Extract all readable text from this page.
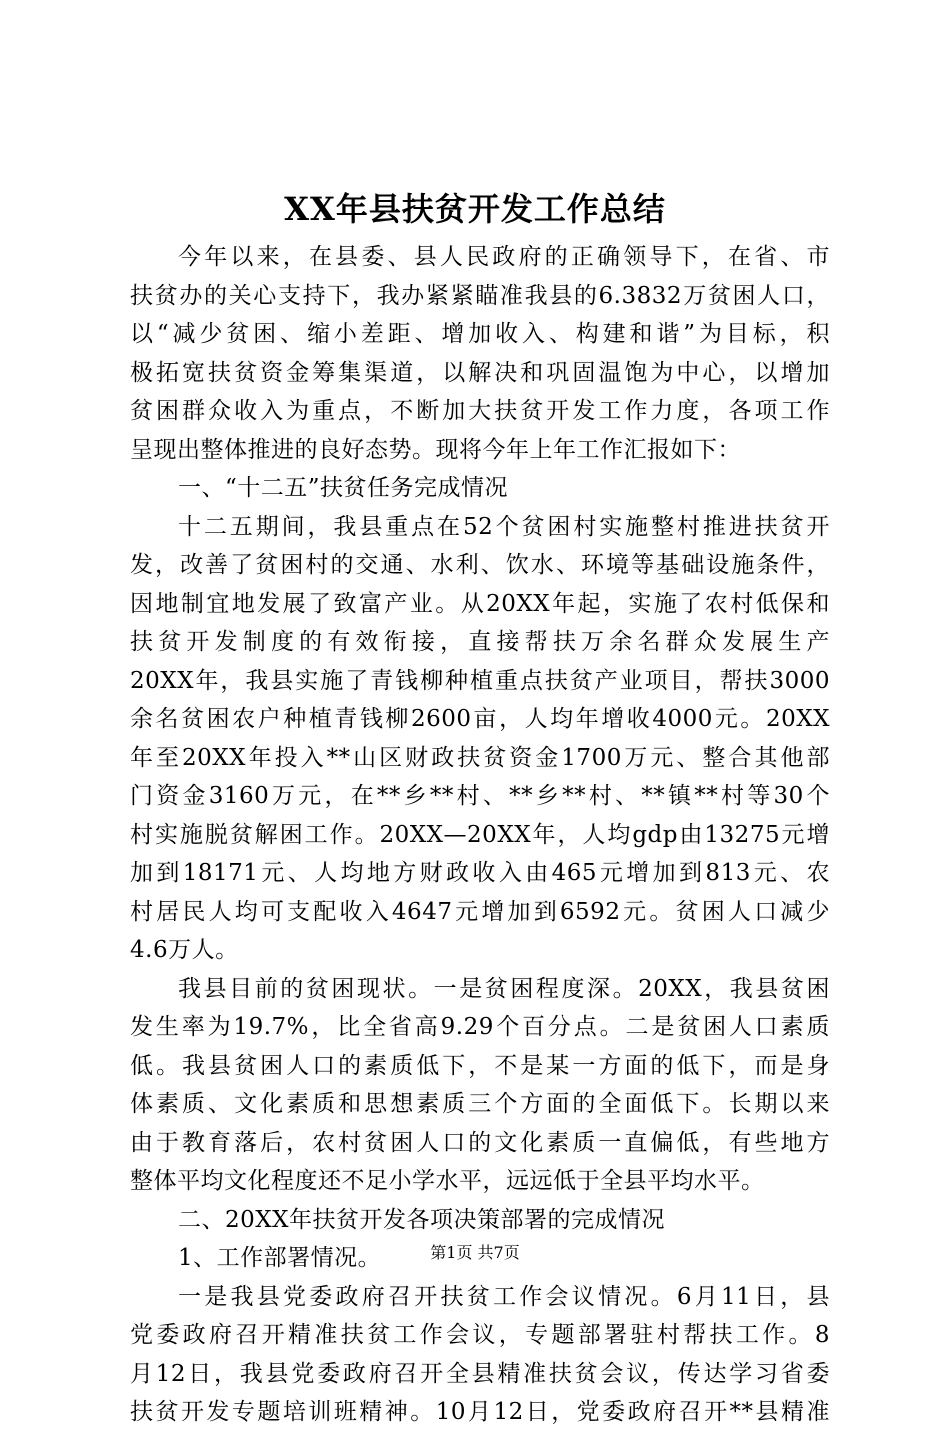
XX年县扶贫开发工作总结
今年以来，在县委、县人民政府的正确领导下，在省、市
扶贫办的关心支持下，我办紧紧瞄准我县的6.3832万贫困人口，
以“减少贫困、缩小差距、增加收入、构建和谐”为目标，积
极拓宽扶贫资金筹集渠道，以解决和巩固温饱为中心，以增加
贫困群众收入为重点，不断加大扶贫开发工作力度，各项工作
呈现出整体推进的良好态势。现将今年上年工作汇报如下：
一、“十二五”扶贫任务完成情况
十二五期间，我县重点在52个贫困村实施整村推进扶贫开
发，改善了贫困村的交通、水利、饮水、环境等基础设施条件，
因地制宜地发展了致富产业。从20XX年起，实施了农村低保和
扶贫开发制度的有效衔接，直接帮扶万余名群众发展生产
20XX年，我县实施了青钱柳种植重点扶贫产业项目，帮扶3000
余名贫困农户种植青钱柳2600亩，人均年增收4000元。20XX
年至20XX年投入**山区财政扶贫资金1700万元、整合其他部
门资金3160万元，在**乡**村、**乡**村、**镇**村等30个
村实施脱贫解困工作。20XX—20XX年，人均gdp由13275元增
加到18171元、人均地方财政收入由465元增加到813元、农
村居民人均可支配收入4647元增加到6592元。贫困人口减少
4.6万人。
我县目前的贫困现状。一是贫困程度深。20XX，我县贫困
发生率为19.7%，比全省高9.29个百分点。二是贫困人口素质
低。我县贫困人口的素质低下，不是某一方面的低下，而是身
体素质、文化素质和思想素质三个方面的全面低下。长期以来
由于教育落后，农村贫困人口的文化素质一直偏低，有些地方
整体平均文化程度还不足小学水平，远远低于全县平均水平。
二、20XX年扶贫开发各项决策部署的完成情况
1、工作部署情况。
一是我县党委政府召开扶贫工作会议情况。6月11日，县
党委政府召开精准扶贫工作会议，专题部署驻村帮扶工作。8
月12日，我县党委政府召开全县精准扶贫会议，传达学习省委
扶贫开发专题培训班精神。10月12日，党委政府召开**县精准
第1页 共7页
